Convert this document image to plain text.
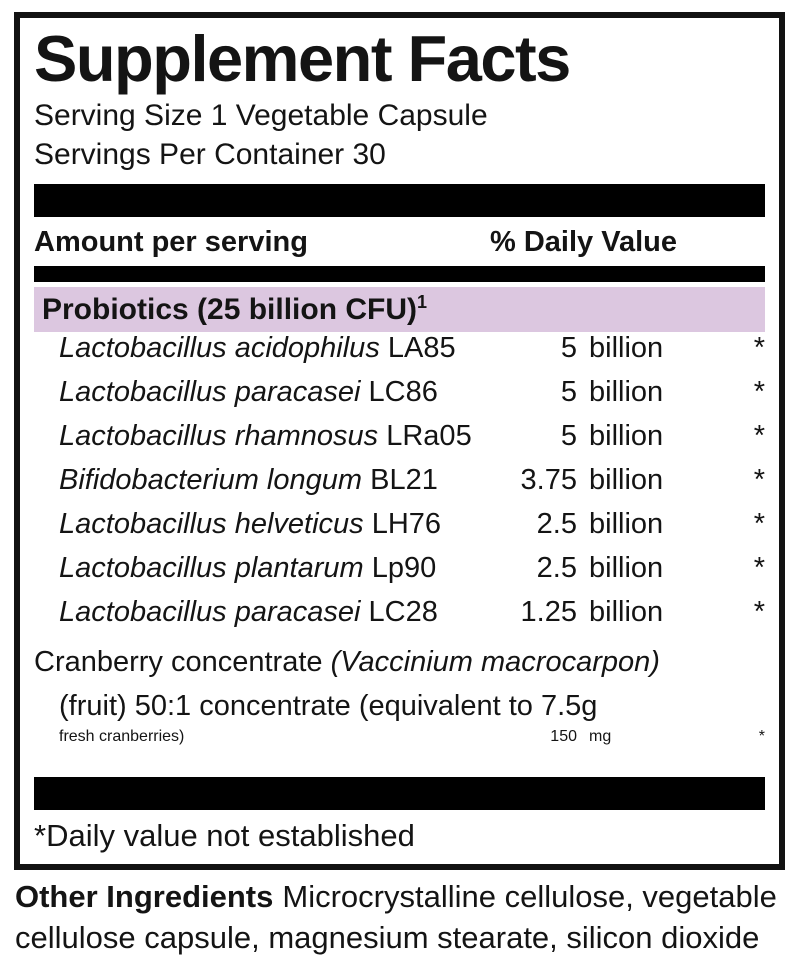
Supplement Facts
Serving Size 1 Vegetable Capsule
Servings Per Container 30
Amount per serving	% Daily Value
Probiotics (25 billion CFU)$^1$
Lactobacillus acidophilus LA85	5 billion	*
Lactobacillus paracasei LC86	5 billion	*
Lactobacillus rhamnosus LRa05	5 billion	*
Bifidobacterium longum BL21	3.75 billion	*
Lactobacillus helveticus LH76	2.5 billion	*
Lactobacillus plantarum Lp90	2.5 billion	*
Lactobacillus paracasei LC28	1.25 billion	*
Cranberry concentrate (Vaccinium macrocarpon)
(fruit) 50:1 concentrate (equivalent to 7.5g
fresh cranberries)	150 mg	*
*Daily value not established
Other Ingredients Microcrystalline cellulose, vegetable cellulose capsule, magnesium stearate, silicon dioxide
